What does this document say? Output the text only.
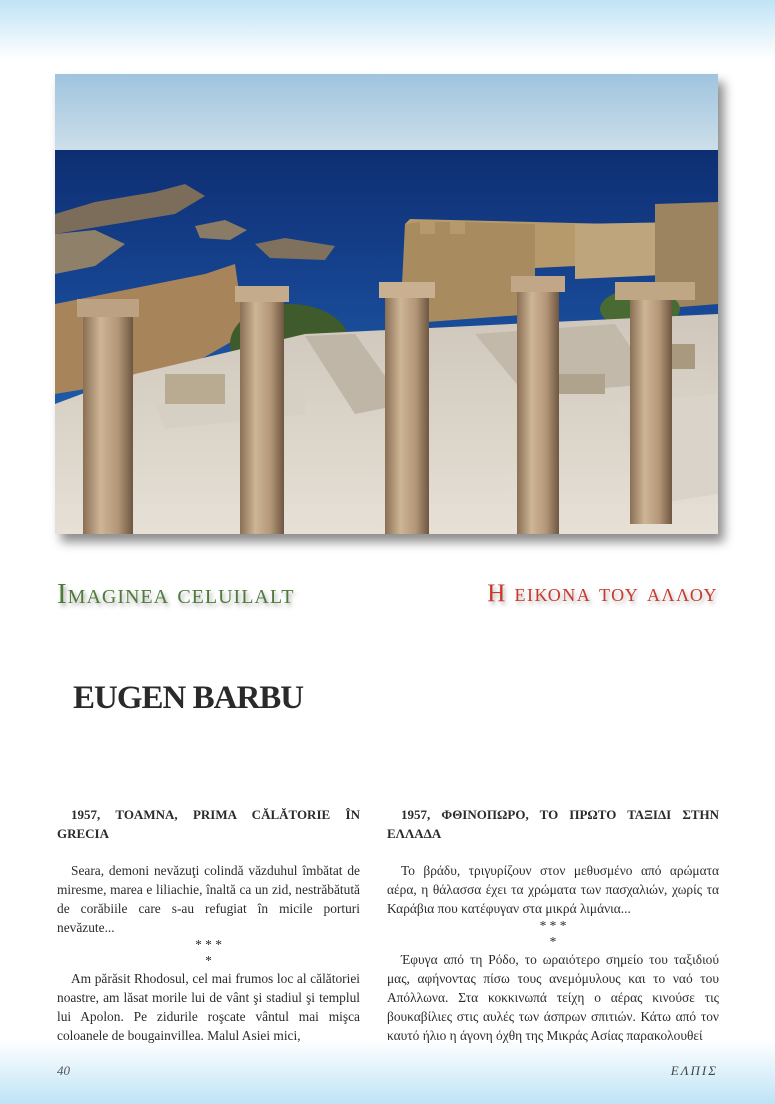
Imaginea celuilalt	Η εικονα του αλλου
EUGEN BARBU
1957, TOAMNA, PRIMA CĂLĂTORIE ÎN GRECIA

Seara, demoni nevăzuţi colindă văzduhul îmbătat de miresme, marea e liliachie, înaltă ca un zid, nestrăbătută de corăbiile care s-au refugiat în micile porturi nevăzute...

* * *

*

Am părăsit Rhodosul, cel mai frumos loc al călătoriei noastre, am lăsat morile lui de vânt şi stadiul şi templul lui Apolon. Pe zidurile roşcate vântul mai mişca coloanele de bougainvillea. Malul Asiei mici,

1957, ΦΘΙΝΟΠΩΡΟ, ΤΟ ΠΡΩΤΟ ΤΑΞΙΔΙ ΣΤΗΝ ΕΛΛΑΔΑ

Το βράδυ, τριγυρίζουν στον μεθυσμένο από αρώματα αέρα, η θάλασσα έχει τα χρώματα των πασχαλιών, χωρίς τα Καράβια που κατέφυγαν στα μικρά λιμάνια...

* * *

*

Έφυγα από τη Ρόδο, το ωραιότερο σημείο του ταξιδιού μας, αφήνοντας πίσω τους ανεμόμυλους και το ναό του Απόλλωνα. Στα κοκκινωπά τείχη ο αέρας κινούσε τις βουκαβίλιες στις αυλές των άσπρων σπιτιών. Κάτω από τον καυτό ήλιο η άγονη όχθη της Μικράς Ασίας παρακολουθεί

40	ΕΛΠΙΣ
